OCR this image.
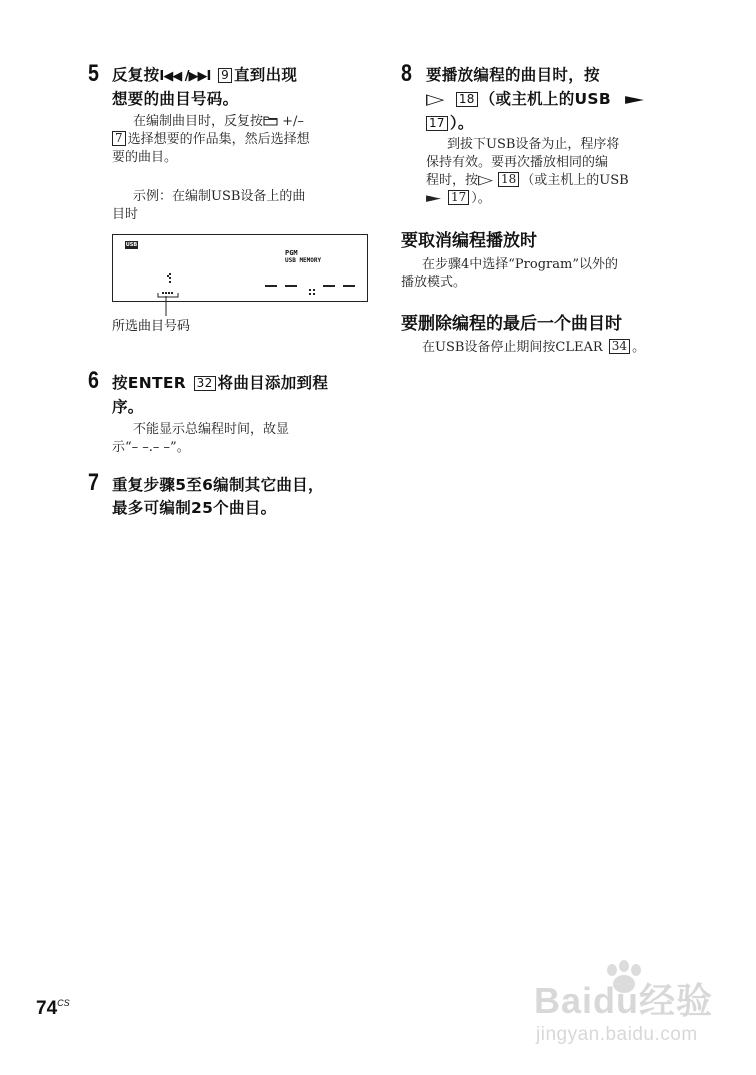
5 反复按I◀◀ /▶▶I 9 直到出现
想要的曲目号码。
在编制曲目时，反复按 +/–
7 选择想要的作品集，然后选择想
要的曲目。
示例：在编制USB设备上的曲
目时
USB
PGM
USB MEMORY
所选曲目号码
6 按ENTER 32 将曲目添加到程
序。
不能显示总编程时间，故显
示“– –.– –”。
7 重复步骤5至6编制其它曲目，
最多可编制25个曲目。
8 要播放编程的曲目时，按
▷ 18 （或主机上的USB ►
17 ）。
到拔下USB设备为止，程序将
保持有效。要再次播放相同的编
程时，按▷ 18 （或主机上的USB
► 17 ）。
要取消编程播放时
在步骤4中选择“Program”以外的
播放模式。
要删除编程的最后一个曲目时
在USB设备停止期间按CLEAR 34 。
$74^{CS}$	Baidu经验
jingyan.baidu.com
